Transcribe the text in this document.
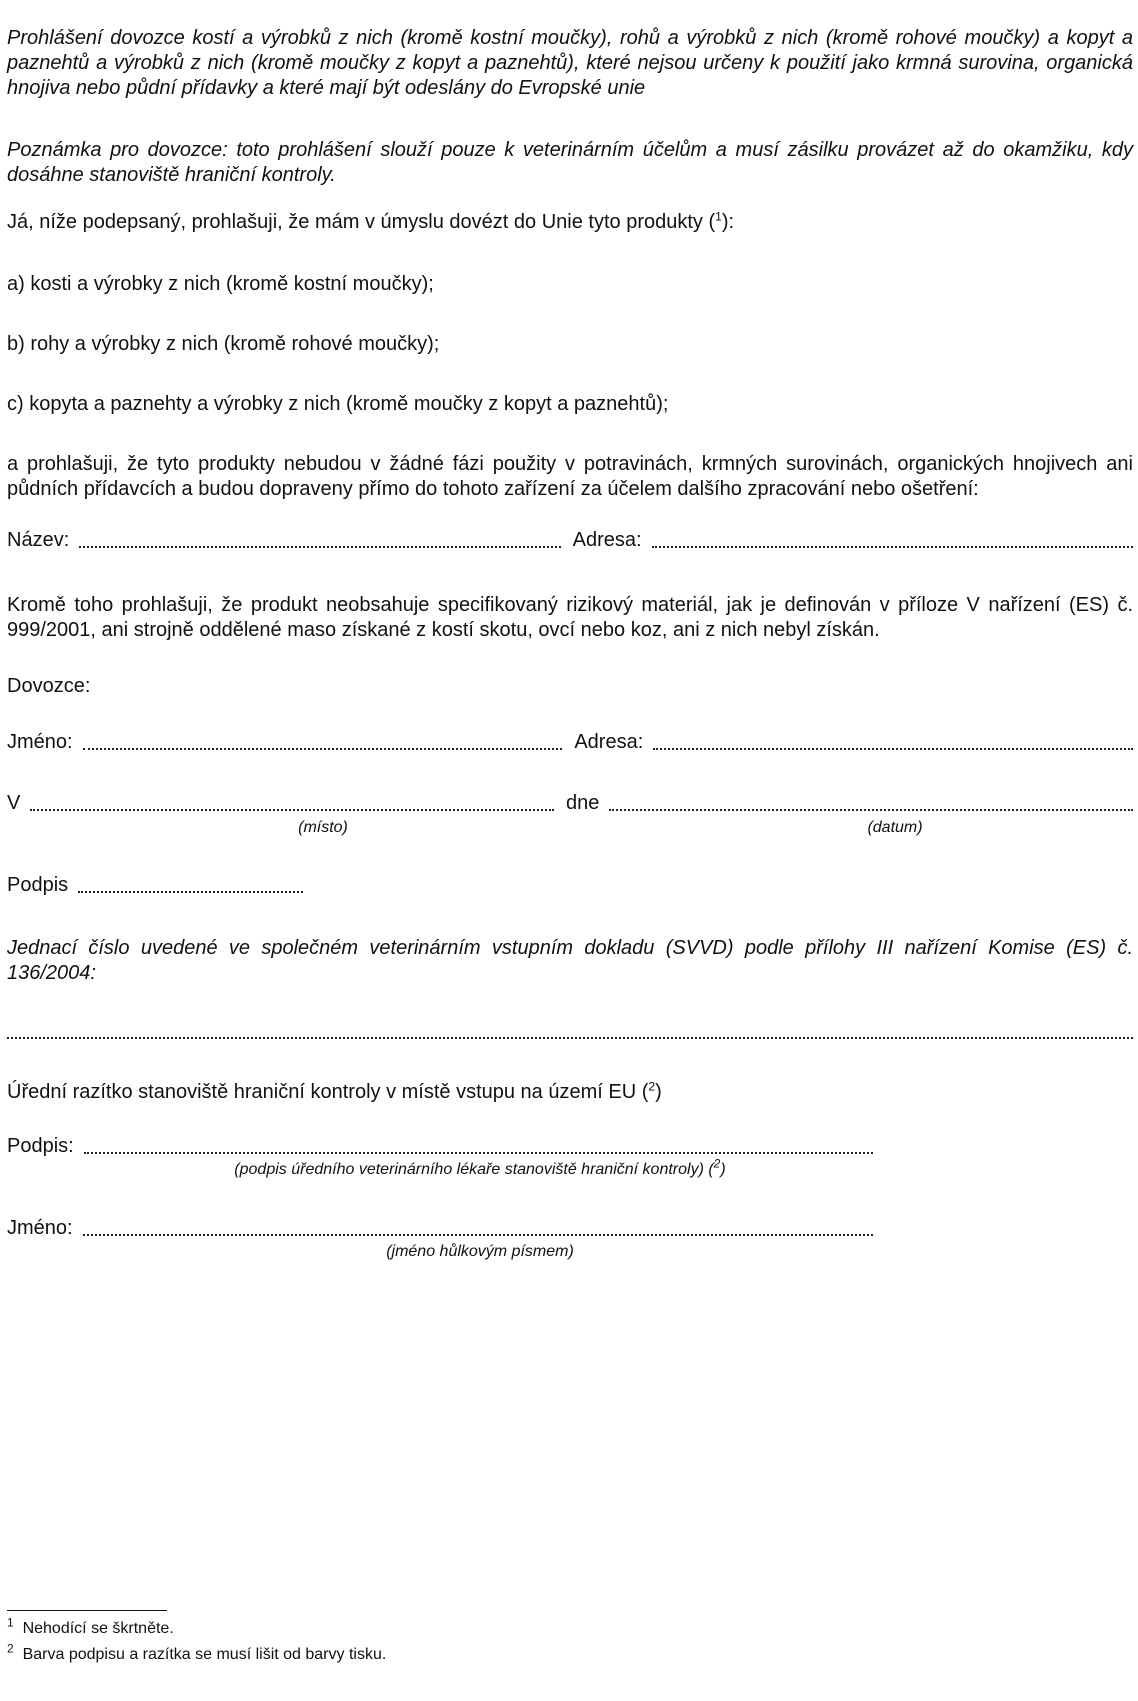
Prohlášení dovozce kostí a výrobků z nich (kromě kostní moučky), rohů a výrobků z nich (kromě rohové moučky) a kopyt a paznehtů a výrobků z nich (kromě moučky z kopyt a paznehtů), které nejsou určeny k použití jako krmná surovina, organická hnojiva nebo půdní přídavky a které mají být odeslány do Evropské unie

Poznámka pro dovozce: toto prohlášení slouží pouze k veterinárním účelům a musí zásilku provázet až do okamžiku, kdy dosáhne stanoviště hraniční kontroly.

Já, níže podepsaný, prohlašuji, že mám v úmyslu dovézt do Unie tyto produkty ($^1$):

a) kosti a výrobky z nich (kromě kostní moučky);

b) rohy a výrobky z nich (kromě rohové moučky);

c) kopyta a paznehty a výrobky z nich (kromě moučky z kopyt a paznehtů);

a prohlašuji, že tyto produkty nebudou v žádné fázi použity v potravinách, krmných surovinách, organických hnojivech ani půdních přídavcích a budou dopraveny přímo do tohoto zařízení za účelem dalšího zpracování nebo ošetření:

Název:	Adresa:

Kromě toho prohlašuji, že produkt neobsahuje specifikovaný rizikový materiál, jak je definován v příloze V nařízení (ES) č. 999/2001, ani strojně oddělené maso získané z kostí skotu, ovcí nebo koz, ani z nich nebyl získán.

Dovozce:

Jméno:	Adresa:
V	dne
(místo)	(datum)
Podpis

Jednací číslo uvedené ve společném veterinárním vstupním dokladu (SVVD) podle přílohy III nařízení Komise (ES) č. 136/2004:

Úřední razítko stanoviště hraniční kontroly v místě vstupu na území EU ($^2$)

Podpis:
(podpis úředního veterinárního lékaře stanoviště hraniční kontroly) ($^2$)
Jméno:
(jméno hůlkovým písmem)
$^1$ Nehodící se škrtněte.
$^2$ Barva podpisu a razítka se musí lišit od barvy tisku.
